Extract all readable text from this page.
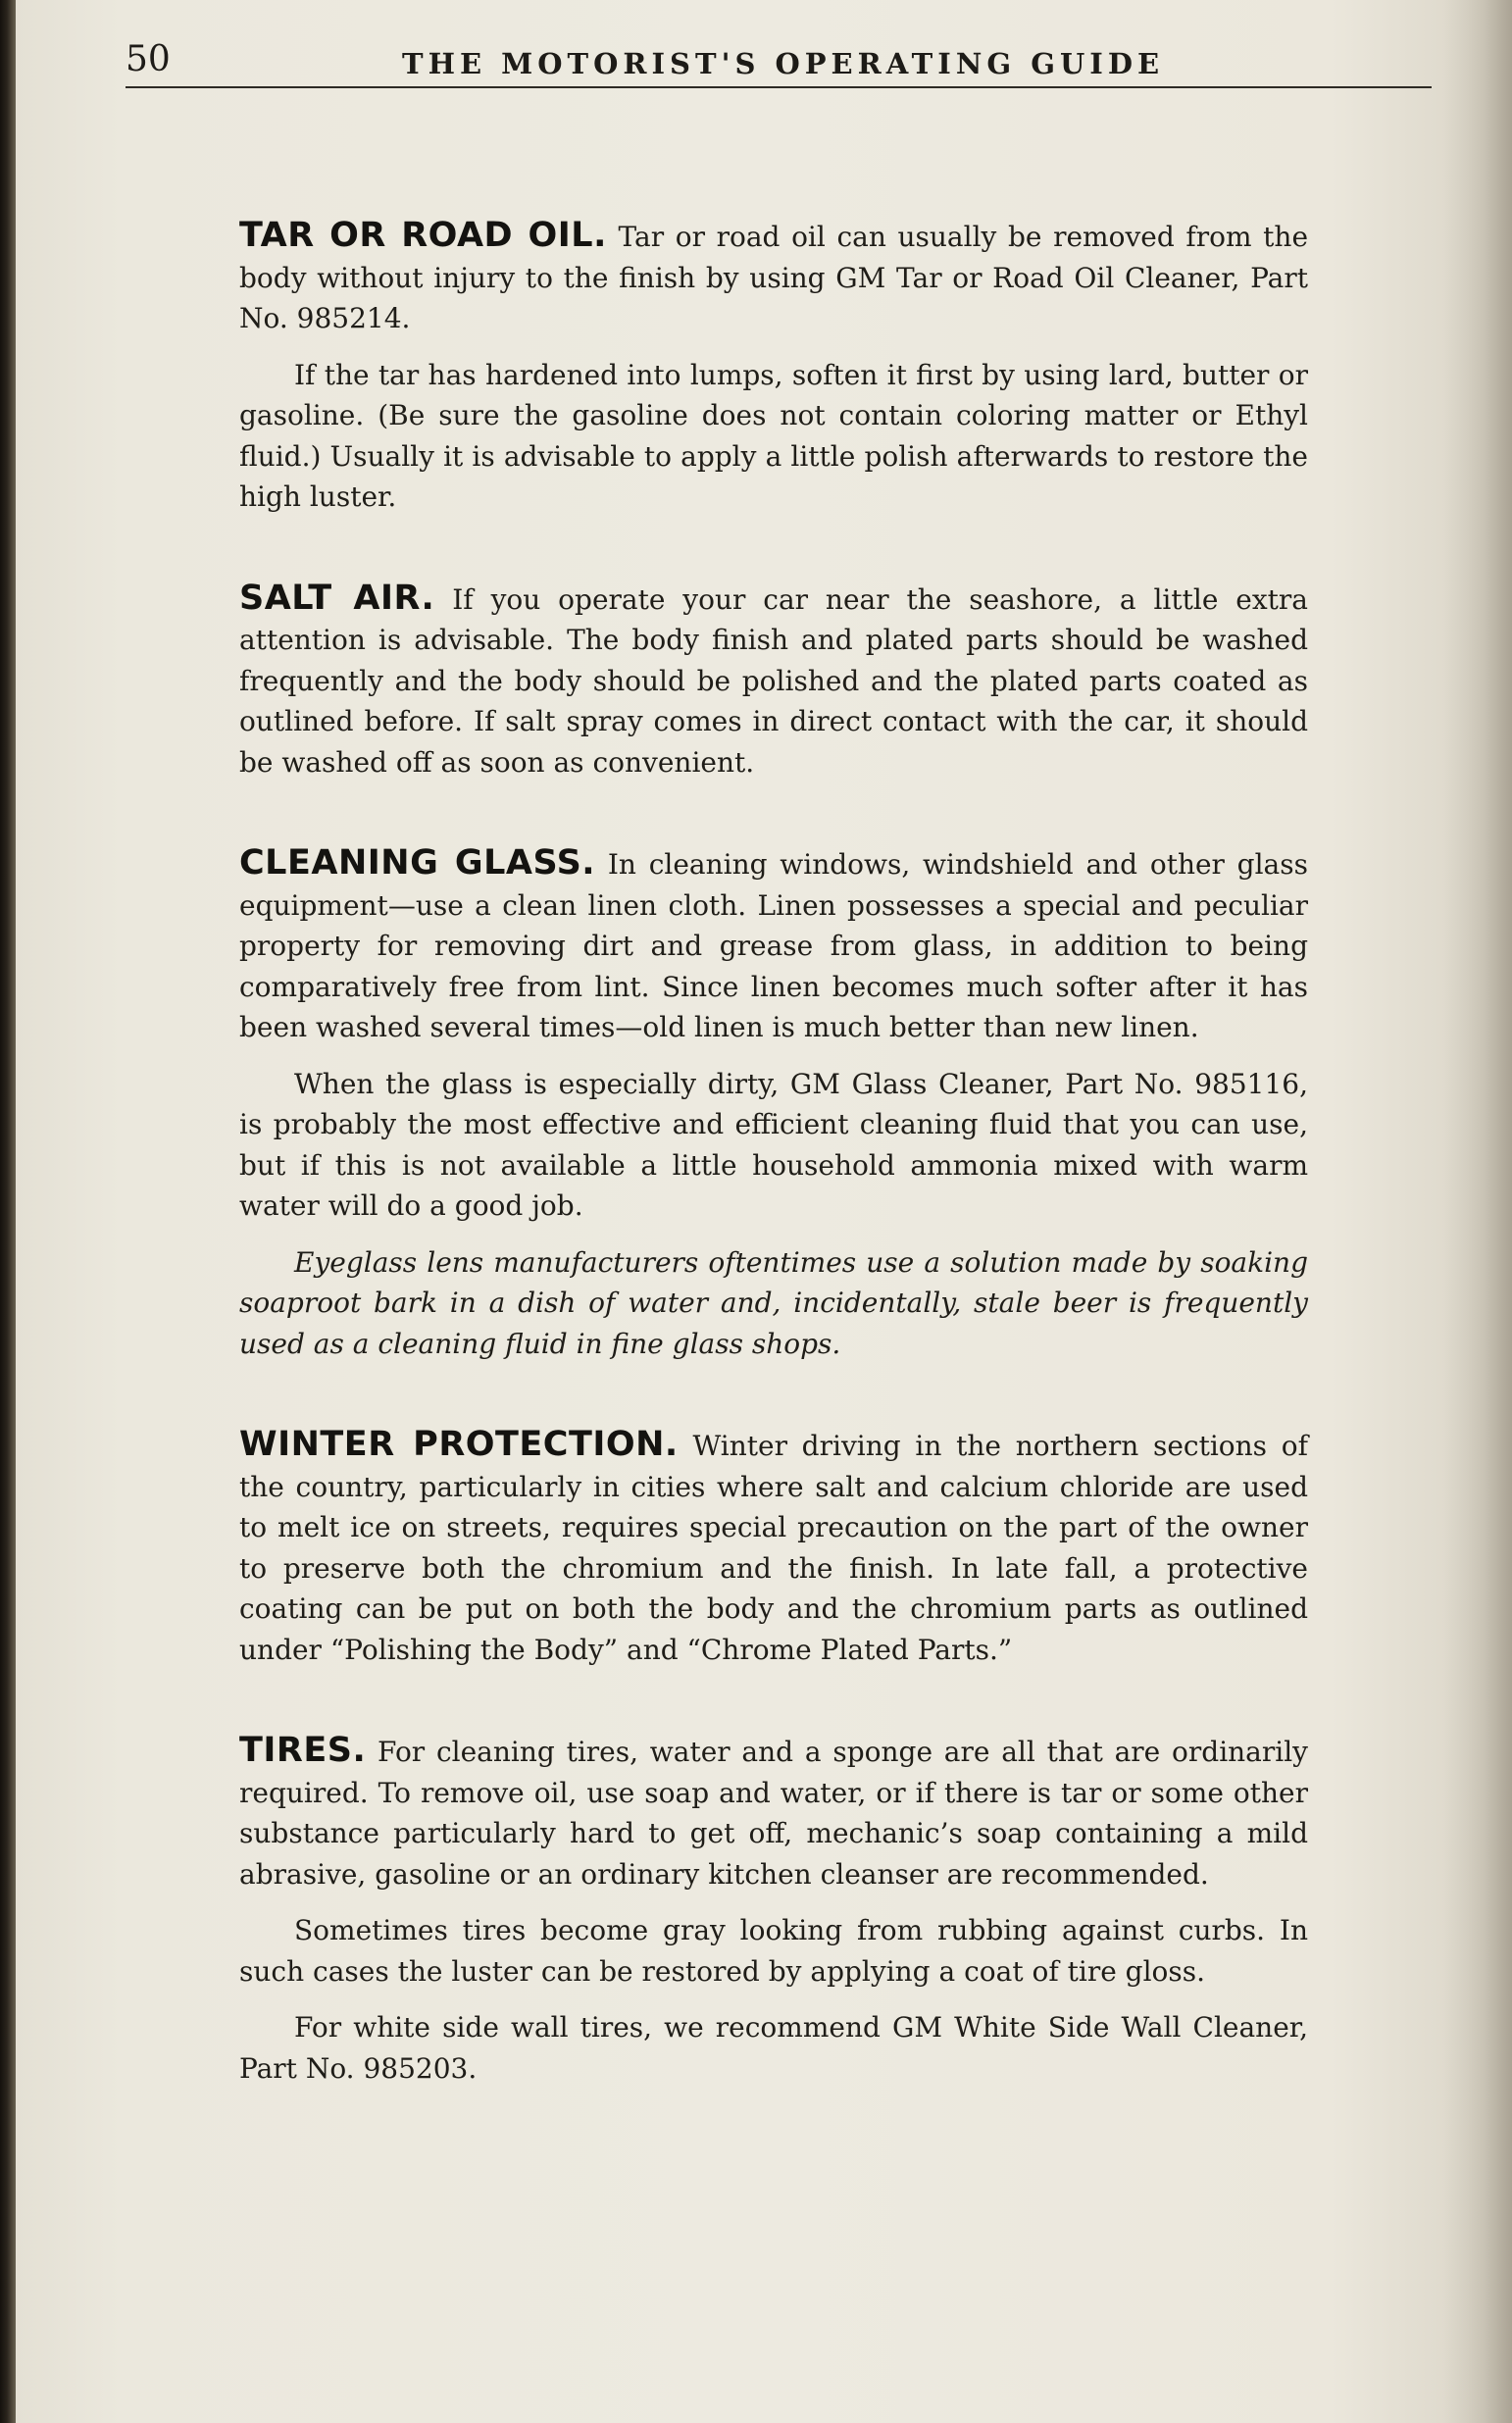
50	THE MOTORIST'S OPERATING GUIDE

TAR OR ROAD OIL. Tar or road oil can usually be removed from the body without injury to the finish by using GM Tar or Road Oil Cleaner, Part No. 985214.

If the tar has hardened into lumps, soften it first by using lard, butter or gasoline. (Be sure the gasoline does not contain coloring matter or Ethyl fluid.) Usually it is advisable to apply a little polish afterwards to restore the high luster.

SALT AIR. If you operate your car near the seashore, a little extra attention is advisable. The body finish and plated parts should be washed frequently and the body should be polished and the plated parts coated as outlined before. If salt spray comes in direct contact with the car, it should be washed off as soon as convenient.

CLEANING GLASS. In cleaning windows, windshield and other glass equipment—use a clean linen cloth. Linen possesses a special and peculiar property for removing dirt and grease from glass, in addition to being comparatively free from lint. Since linen becomes much softer after it has been washed several times—old linen is much better than new linen.

When the glass is especially dirty, GM Glass Cleaner, Part No. 985116, is probably the most effective and efficient cleaning fluid that you can use, but if this is not available a little household ammonia mixed with warm water will do a good job.

Eyeglass lens manufacturers oftentimes use a solution made by soaking soaproot bark in a dish of water and, incidentally, stale beer is frequently used as a cleaning fluid in fine glass shops.

WINTER PROTECTION. Winter driving in the northern sections of the country, particularly in cities where salt and calcium chloride are used to melt ice on streets, requires special precaution on the part of the owner to preserve both the chromium and the finish. In late fall, a protective coating can be put on both the body and the chromium parts as outlined under “Polishing the Body” and “Chrome Plated Parts.”

TIRES. For cleaning tires, water and a sponge are all that are ordinarily required. To remove oil, use soap and water, or if there is tar or some other substance particularly hard to get off, mechanic’s soap containing a mild abrasive, gasoline or an ordinary kitchen cleanser are recommended.

Sometimes tires become gray looking from rubbing against curbs. In such cases the luster can be restored by applying a coat of tire gloss.

For white side wall tires, we recommend GM White Side Wall Cleaner, Part No. 985203.
